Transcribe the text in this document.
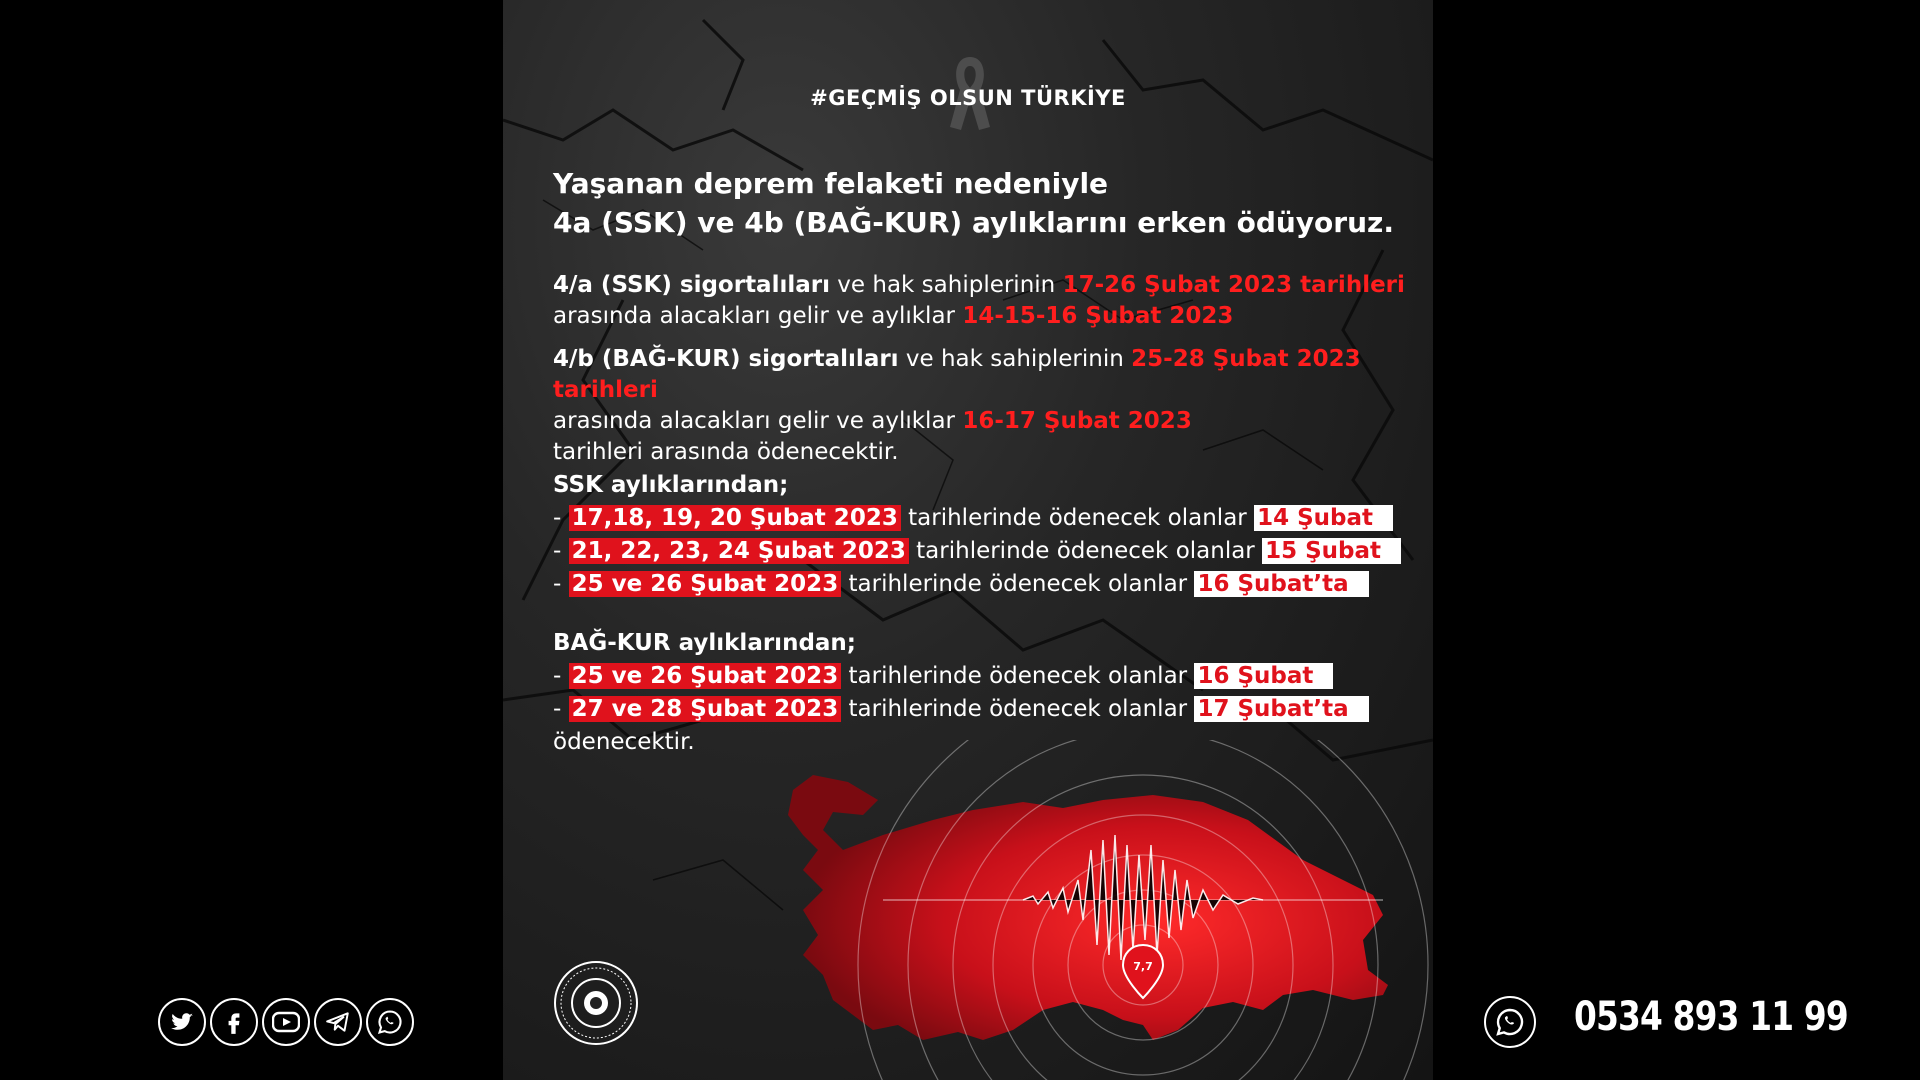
#GEÇMİŞ OLSUN TÜRKİYE
Yaşanan deprem felaketi nedeniyle
4a (SSK) ve 4b (BAĞ-KUR) aylıklarını erken ödüyoruz.
4/a (SSK) sigortalıları ve hak sahiplerinin 17-26 Şubat 2023 tarihleri
arasında alacakları gelir ve aylıklar 14-15-16 Şubat 2023
4/b (BAĞ-KUR) sigortalıları ve hak sahiplerinin 25-28 Şubat 2023 tarihleri
arasında alacakları gelir ve aylıklar 16-17 Şubat 2023
tarihleri arasında ödenecektir.
SSK aylıklarından;
- 17,18, 19, 20 Şubat 2023 tarihlerinde ödenecek olanlar 14 Şubat
- 21, 22, 23, 24 Şubat 2023 tarihlerinde ödenecek olanlar 15 Şubat
- 25 ve 26 Şubat 2023 tarihlerinde ödenecek olanlar 16 Şubat’ta
BAĞ-KUR aylıklarından;
- 25 ve 26 Şubat 2023 tarihlerinde ödenecek olanlar 16 Şubat
- 27 ve 28 Şubat 2023 tarihlerinde ödenecek olanlar 17 Şubat’ta
ödenecektir.
7,7
0534 893 11 99
